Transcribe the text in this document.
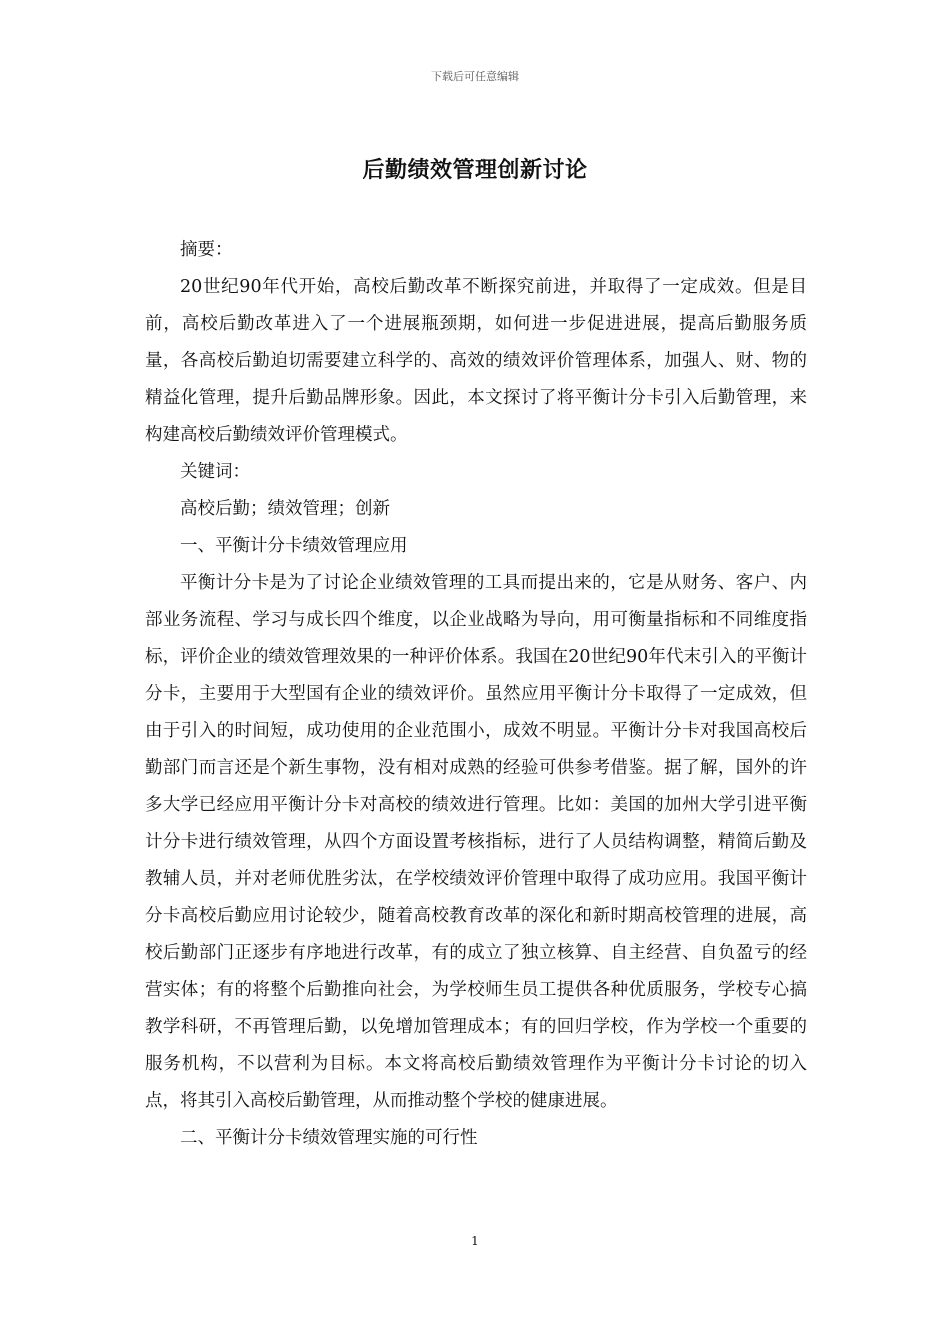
下载后可任意编辑
后勤绩效管理创新讨论

摘要：

20世纪90年代开始，高校后勤改革不断探究前进，并取得了一定成效。但是目前，高校后勤改革进入了一个进展瓶颈期，如何进一步促进进展，提高后勤服务质量，各高校后勤迫切需要建立科学的、高效的绩效评价管理体系，加强人、财、物的精益化管理，提升后勤品牌形象。因此，本文探讨了将平衡计分卡引入后勤管理，来构建高校后勤绩效评价管理模式。

关键词：

高校后勤；绩效管理；创新

一、平衡计分卡绩效管理应用

平衡计分卡是为了讨论企业绩效管理的工具而提出来的，它是从财务、客户、内部业务流程、学习与成长四个维度，以企业战略为导向，用可衡量指标和不同维度指标，评价企业的绩效管理效果的一种评价体系。我国在20世纪90年代末引入的平衡计分卡，主要用于大型国有企业的绩效评价。虽然应用平衡计分卡取得了一定成效，但由于引入的时间短，成功使用的企业范围小，成效不明显。平衡计分卡对我国高校后勤部门而言还是个新生事物，没有相对成熟的经验可供参考借鉴。据了解，国外的许多大学已经应用平衡计分卡对高校的绩效进行管理。比如：美国的加州大学引进平衡计分卡进行绩效管理，从四个方面设置考核指标，进行了人员结构调整，精简后勤及教辅人员，并对老师优胜劣汰，在学校绩效评价管理中取得了成功应用。我国平衡计分卡高校后勤应用讨论较少，随着高校教育改革的深化和新时期高校管理的进展，高校后勤部门正逐步有序地进行改革，有的成立了独立核算、自主经营、自负盈亏的经营实体；有的将整个后勤推向社会，为学校师生员工提供各种优质服务，学校专心搞教学科研，不再管理后勤，以免增加管理成本；有的回归学校，作为学校一个重要的服务机构，不以营利为目标。本文将高校后勤绩效管理作为平衡计分卡讨论的切入点，将其引入高校后勤管理，从而推动整个学校的健康进展。

二、平衡计分卡绩效管理实施的可行性

1
